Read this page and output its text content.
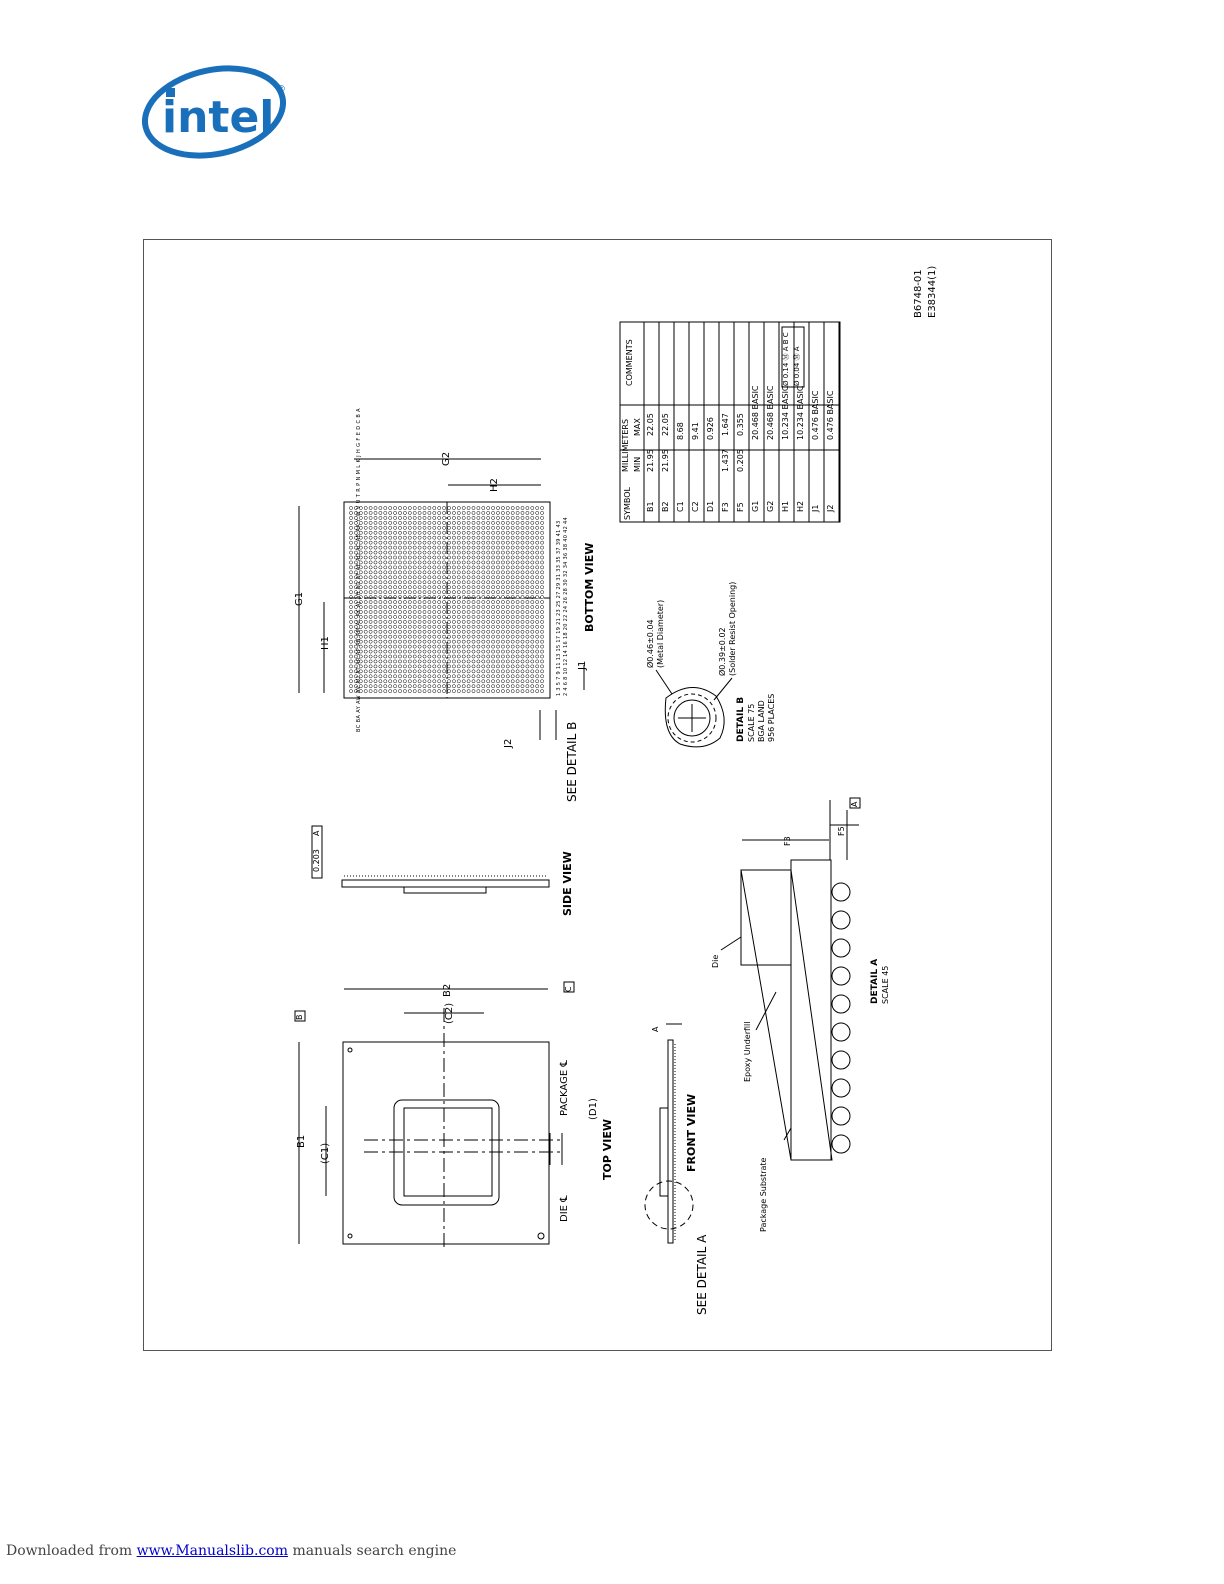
intel
®
TOP VIEW
SIDE VIEW
BOTTOM VIEW
FRONT VIEW
SEE DETAIL A
SEE DETAIL B
B1
(C1)
B2
(C2)
(D1)
PACKAGE ℄
DIE ℄
B
C
0.203
A
G1
H1
G2
H2
J1
J2
BC BA AY AW AV AU AT AR AP AN AM AL AK AJ AH AG AF AE AD AC AB AA Y W V U T R P N M L K J H G F E D C B A	1 3 5 7 9 11 13 15 17 19 21 23 25 27 29 31 33 35 37 39 41 43 2 4 6 8 10 12 14 16 18 20 22 24 26 28 30 32 34 36 38 40 42 44
DETAIL B SCALE 75 BGA LAND 956 PLACES
Ø0.46±0.04 (Metal Diameter)	Ø0.39±0.02 (Solder Resist Opening)
DETAIL A SCALE 45
Die
Epoxy Underfill
Package Substrate
F3
F5
A
A
SYMBOL
MILLIMETERS MIN
MAX
COMMENTS
B1
21.95
22.05
B2
21.95
22.05
C1
8.68
C2
9.41
D1
0.926
F3
1.437
1.647
F5
0.205
0.355
G1
20.468 BASIC
G2
20.468 BASIC
H1
10.234 BASIC
H2
10.234 BASIC
J1
0.476 BASIC
J2
0.476 BASIC
Ø 0.14 Ⓜ A B C Ø 0.04 Ⓜ A
B6748-01 E38344(1)
Downloaded from www.Manualslib.com manuals search engine
